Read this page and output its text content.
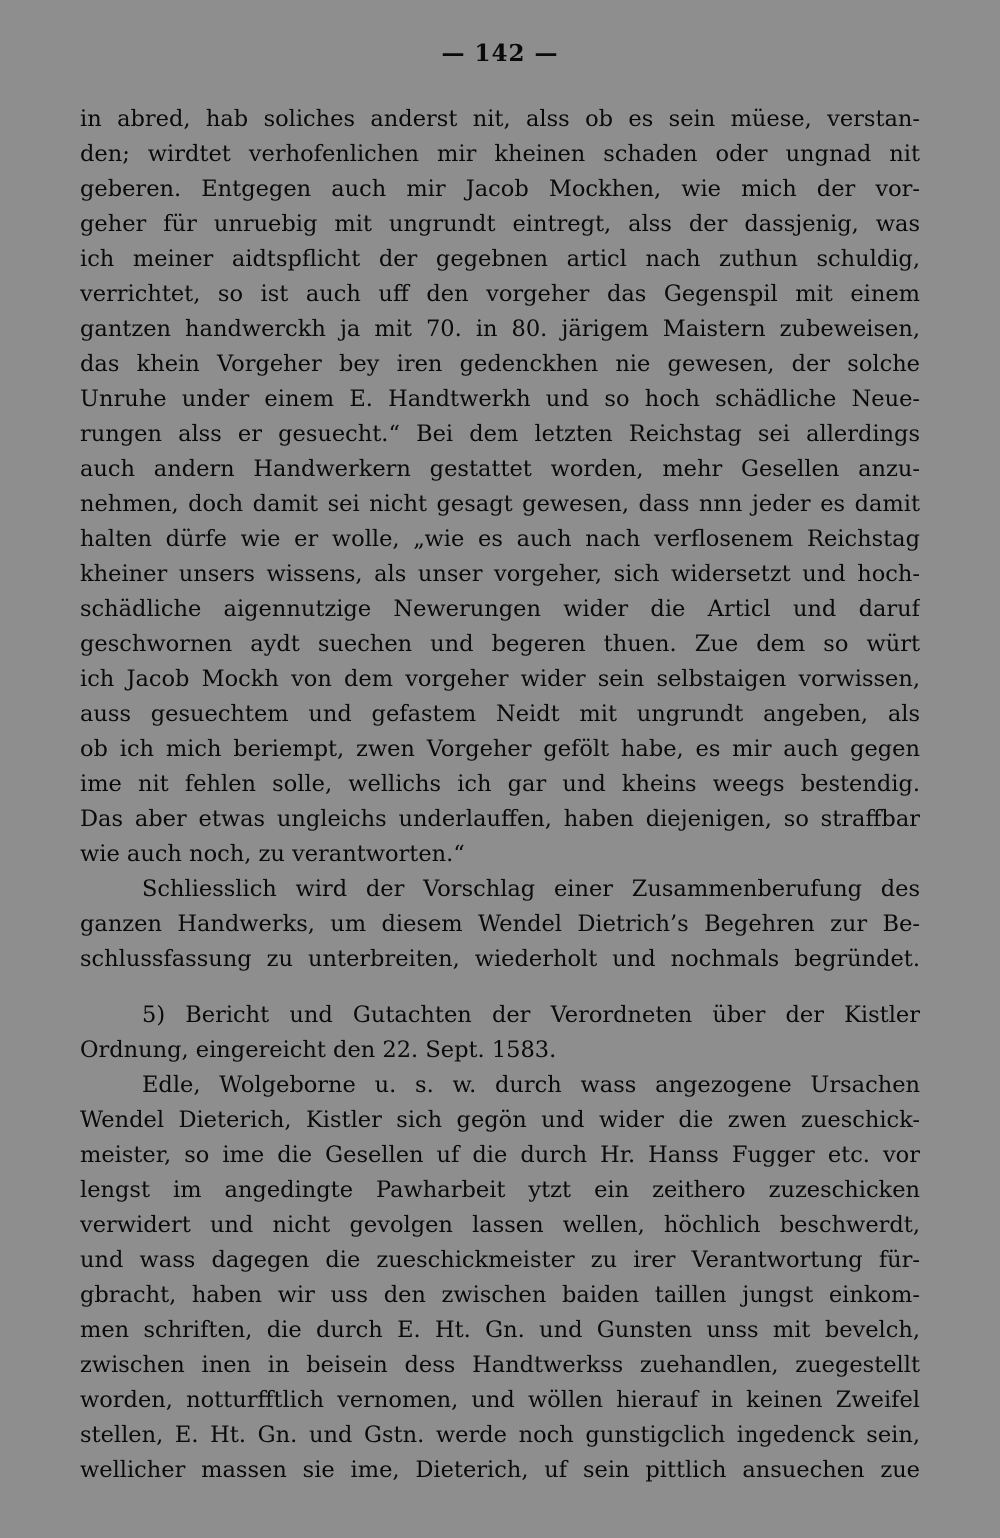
— 142 —
in abred, hab soliches anderst nit, alss ob es sein müese, verstan-
den; wirdtet verhofenlichen mir kheinen schaden oder ungnad nit
geberen. Entgegen auch mir Jacob Mockhen, wie mich der vor-
geher für unruebig mit ungrundt eintregt, alss der dassjenig, was
ich meiner aidtspflicht der gegebnen articl nach zuthun schuldig,
verrichtet, so ist auch uff den vorgeher das Gegenspil mit einem
gantzen handwerckh ja mit 70. in 80. järigem Maistern zubeweisen,
das khein Vorgeher bey iren gedenckhen nie gewesen, der solche
Unruhe under einem E. Handtwerkh und so hoch schädliche Neue-
rungen alss er gesuecht.“ Bei dem letzten Reichstag sei allerdings
auch andern Handwerkern gestattet worden, mehr Gesellen anzu-
nehmen, doch damit sei nicht gesagt gewesen, dass nnn jeder es damit
halten dürfe wie er wolle, „wie es auch nach verflosenem Reichstag
kheiner unsers wissens, als unser vorgeher, sich widersetzt und hoch-
schädliche aigennutzige Newerungen wider die Articl und daruf
geschwornen aydt suechen und begeren thuen. Zue dem so würt
ich Jacob Mockh von dem vorgeher wider sein selbstaigen vorwissen,
auss gesuechtem und gefastem Neidt mit ungrundt angeben, als
ob ich mich beriempt, zwen Vorgeher gefölt habe, es mir auch gegen
ime nit fehlen solle, wellichs ich gar und kheins weegs bestendig.
Das aber etwas ungleichs underlauffen, haben diejenigen, so straffbar
wie auch noch, zu verantworten.“
Schliesslich wird der Vorschlag einer Zusammenberufung des
ganzen Handwerks, um diesem Wendel Dietrich’s Begehren zur Be-
schlussfassung zu unterbreiten, wiederholt und nochmals begründet.
5) Bericht und Gutachten der Verordneten über der Kistler
Ordnung, eingereicht den 22. Sept. 1583.
Edle, Wolgeborne u. s. w. durch wass angezogene Ursachen
Wendel Dieterich, Kistler sich gegön und wider die zwen zueschick-
meister, so ime die Gesellen uf die durch Hr. Hanss Fugger etc. vor
lengst im angedingte Pawharbeit ytzt ein zeithero zuzeschicken
verwidert und nicht gevolgen lassen wellen, höchlich beschwerdt,
und wass dagegen die zueschickmeister zu irer Verantwortung für-
gbracht, haben wir uss den zwischen baiden taillen jungst einkom-
men schriften, die durch E. Ht. Gn. und Gunsten unss mit bevelch,
zwischen inen in beisein dess Handtwerkss zuehandlen, zuegestellt
worden, notturfftlich vernomen, und wöllen hierauf in keinen Zweifel
stellen, E. Ht. Gn. und Gstn. werde noch gunstigclich ingedenck sein,
wellicher massen sie ime, Dieterich, uf sein pittlich ansuechen zue
